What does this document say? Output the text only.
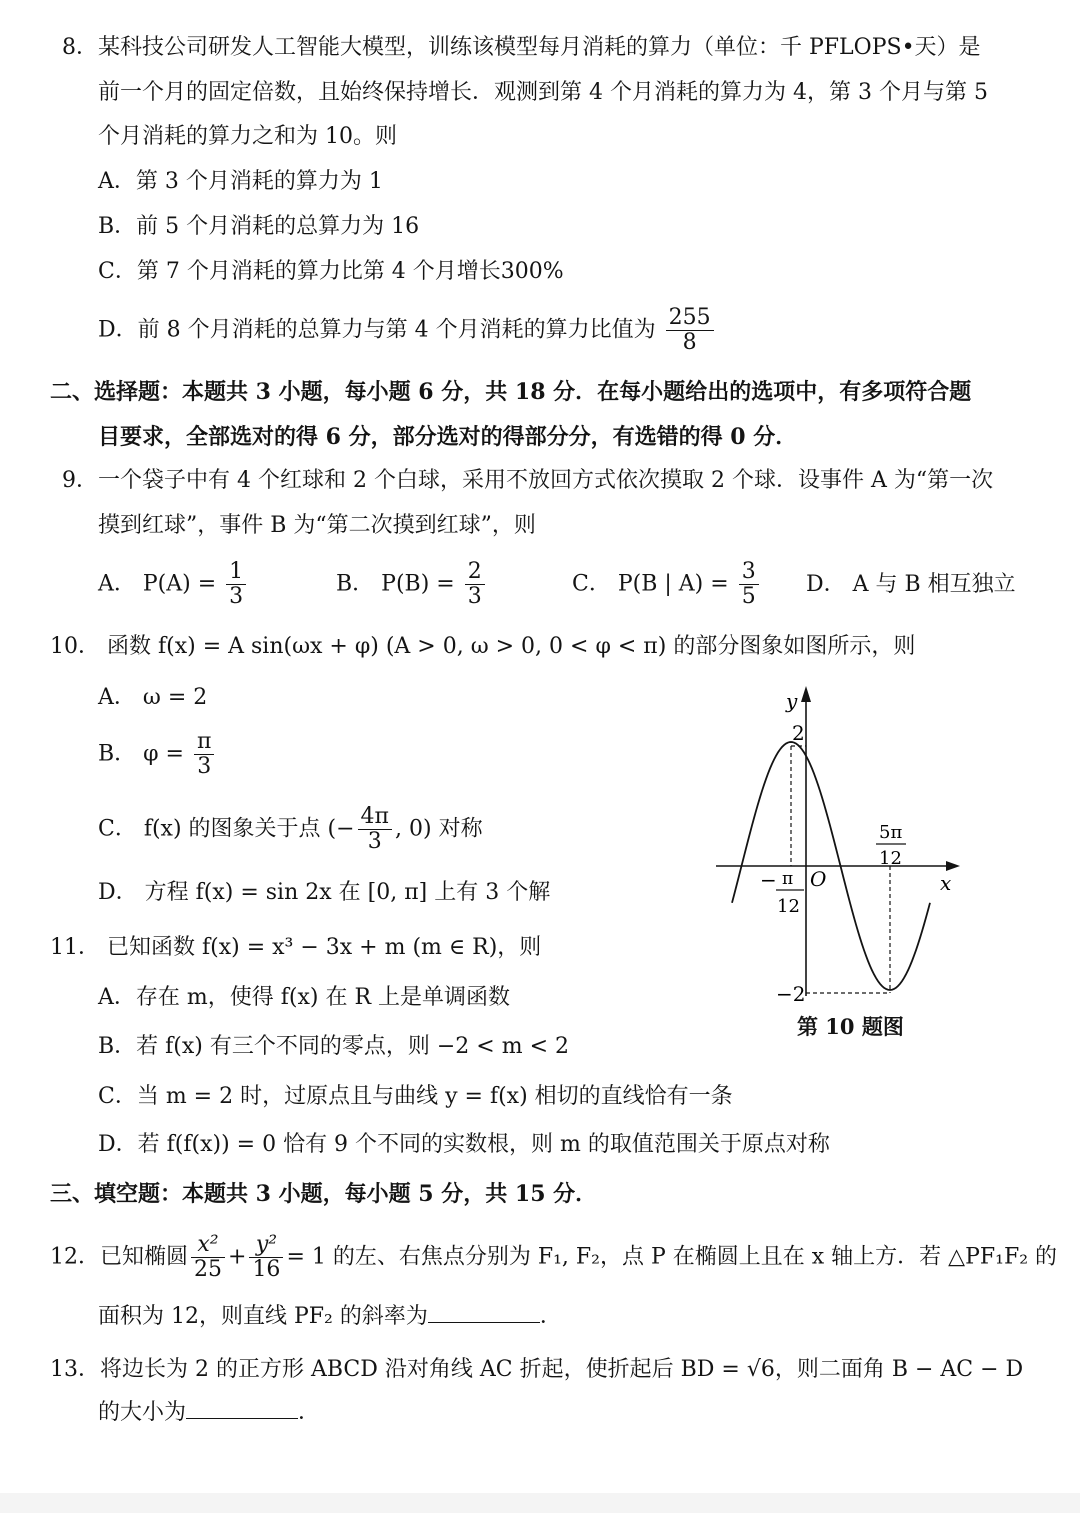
8．某科技公司研发人工智能大模型，训练该模型每月消耗的算力（单位：千 PFLOPS•天）是
前一个月的固定倍数，且始终保持增长．观测到第 4 个月消耗的算力为 4，第 3 个月与第 5
个月消耗的算力之和为 10。则
A．第 3 个月消耗的算力为 1
B．前 5 个月消耗的总算力为 16
C．第 7 个月消耗的算力比第 4 个月增长300%
D．前 8 个月消耗的总算力与第 4 个月消耗的算力比值为 $\frac{255}{8}$
二、选择题：本题共 3 小题，每小题 6 分，共 18 分．在每小题给出的选项中，有多项符合题
目要求，全部选对的得 6 分，部分选对的得部分分，有选错的得 0 分．
9．一个袋子中有 4 个红球和 2 个白球，采用不放回方式依次摸取 2 个球．设事件 A 为“第一次
摸到红球”，事件 B 为“第二次摸到红球”，则
A． $P(A) = \frac{1}{3}$	B． $P(B) = \frac{2}{3}$	C． P(B | $A) = \frac{3}{5}$ D． A 与 B 相互独立
10． 函数 f(x) = A sin(ωx + φ) (A > 0, ω > 0, 0 < φ < π) 的部分图象如图所示，则
A． ω = 2
B． $\varphi = \frac{\pi}{3}$
C． f(x) 的图象关于点 (− $\frac{4\pi}{3}$ , 0) 对称
D． 方程 f(x) = sin 2x 在 [0, π] 上有 3 个解
y
x
O
2
−2
− π
12
5π
12
第 10 题图
11． 已知函数 f(x) = x³ − 3x + m (m ∈ R)，则
A．存在 m，使得 f(x) 在 R 上是单调函数
B．若 f(x) 有三个不同的零点，则 −2 < m < 2
C．当 m = 2 时，过原点且与曲线 y = f(x) 相切的直线恰有一条
D．若 f(f(x)) = 0 恰有 9 个不同的实数根，则 m 的取值范围关于原点对称
三、填空题：本题共 3 小题，每小题 5 分，共 15 分．
12．已知椭圆 $\frac{\text{x²}}{25} + \frac{\text{y²}}{16} = 1$ 的左、右焦点分别为 F₁, F₂，点 P 在椭圆上且在 x 轴上方．若 △PF₁F₂ 的
面积为 12，则直线 PF₂ 的斜率为	．
13．将边长为 2 的正方形 ABCD 沿对角线 AC 折起，使折起后 BD = √6，则二面角 B − AC − D
的大小为	．
